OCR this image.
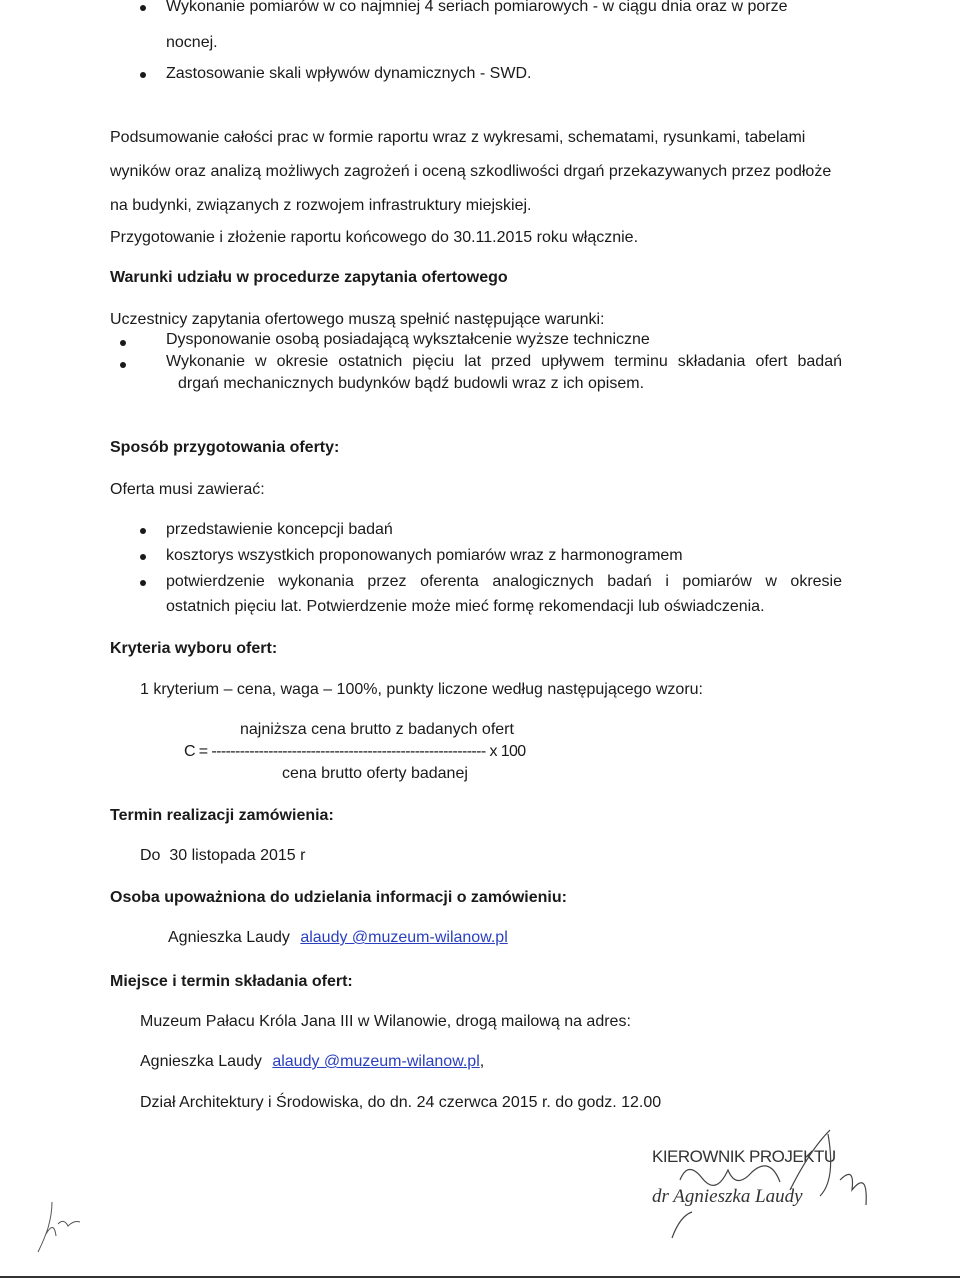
Wykonanie pomiarów w co najmniej 4 seriach pomiarowych - w ciągu dnia oraz w porze
nocnej.
Zastosowanie skali wpływów dynamicznych - SWD.
Podsumowanie całości prac w formie raportu wraz z wykresami, schematami, rysunkami, tabelami
wyników oraz analizą możliwych zagrożeń i oceną szkodliwości drgań przekazywanych przez podłoże
na budynki, związanych z rozwojem infrastruktury miejskiej.
Przygotowanie i złożenie raportu końcowego do 30.11.2015 roku włącznie.
Warunki udziału w procedurze zapytania ofertowego
Uczestnicy zapytania ofertowego muszą spełnić następujące warunki:
Dysponowanie osobą posiadającą wykształcenie wyższe techniczne
Wykonanie w okresie ostatnich pięciu lat przed upływem terminu składania ofert badań
drgań mechanicznych budynków bądź budowli wraz z ich opisem.
Sposób przygotowania oferty:
Oferta musi zawierać:
przedstawienie koncepcji badań
kosztorys wszystkich proponowanych pomiarów wraz z harmonogramem
potwierdzenie wykonania przez oferenta analogicznych badań i pomiarów w okresie
ostatnich pięciu lat. Potwierdzenie może mieć formę rekomendacji lub oświadczenia.
Kryteria wyboru ofert:
1 kryterium – cena, waga – 100%, punkty liczone według następującego wzoru:
najniższa cena brutto z badanych ofert
C = ---------------------------------------------------------- x 100
cena brutto oferty badanej
Termin realizacji zamówienia:
Do  30 listopada 2015 r
Osoba upoważniona do udzielania informacji o zamówieniu:
Agnieszka Laudy alaudy @muzeum-wilanow.pl
Miejsce i termin składania ofert:
Muzeum Pałacu Króla Jana III w Wilanowie, drogą mailową na adres:
Agnieszka Laudy alaudy @muzeum-wilanow.pl,
Dział Architektury i Środowiska, do dn. 24 czerwca 2015 r. do godz. 12.00
KIEROWNIK PROJEKTU
dr Agnieszka Laudy
